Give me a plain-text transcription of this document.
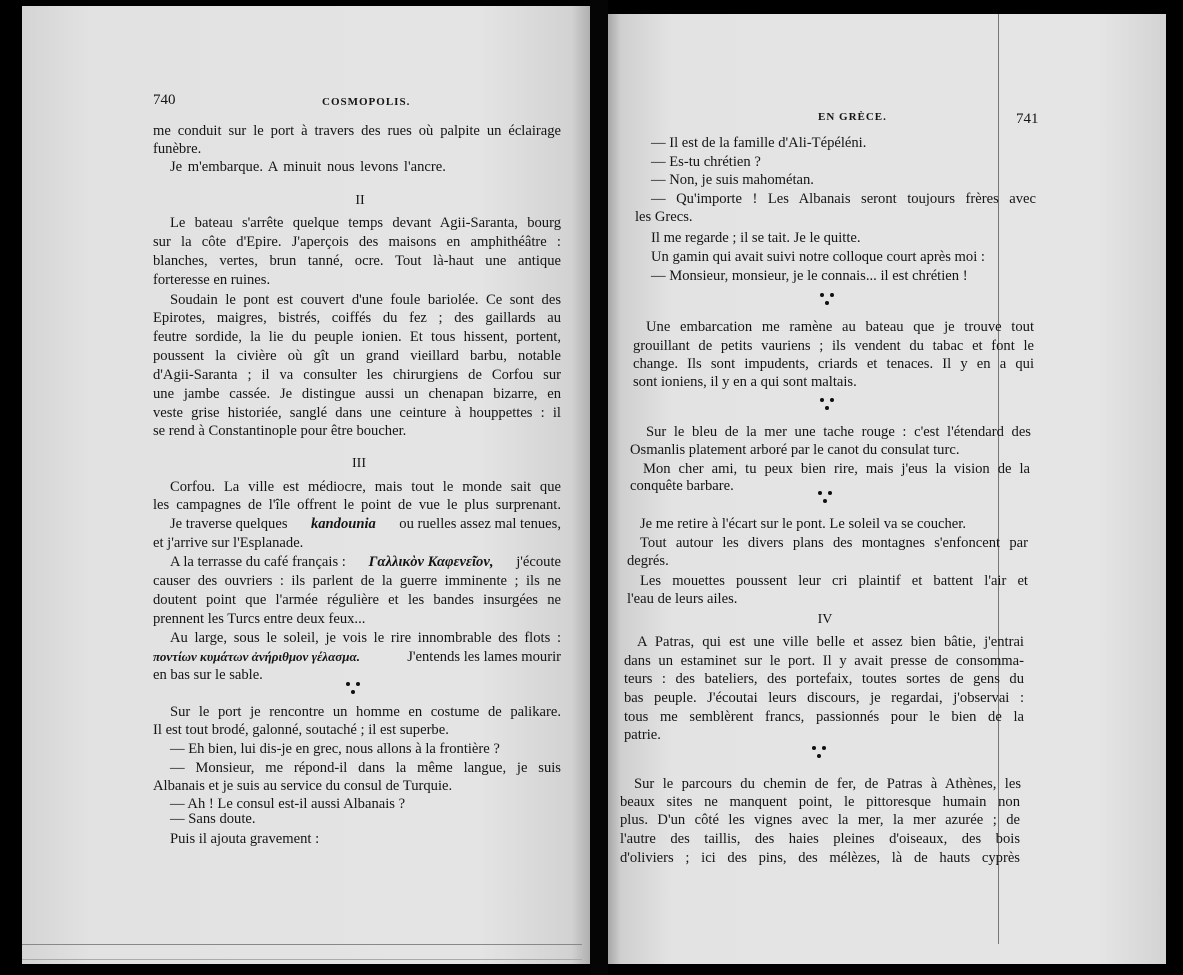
740	COSMOPOLIS.
me conduit sur le port à travers des rues où palpite un éclairage
funèbre.
Je m'embarque. A minuit nous levons l'ancre.
II
Le bateau s'arrête quelque temps devant Agii-Saranta, bourg
sur la côte d'Epire. J'aperçois des maisons en amphithéâtre :
blanches, vertes, brun tanné, ocre. Tout là-haut une antique
forteresse en ruines.
Soudain le pont est couvert d'une foule bariolée. Ce sont des
Epirotes, maigres, bistrés, coiffés du fez ; des gaillards au
feutre sordide, la lie du peuple ionien. Et tous hissent, portent,
poussent la civière où gît un grand vieillard barbu, notable
d'Agii-Saranta ; il va consulter les chirurgiens de Corfou sur
une jambe cassée. Je distingue aussi un chenapan bizarre, en
veste grise historiée, sanglé dans une ceinture à houppettes : il
se rend à Constantinople pour être boucher.
III
Corfou. La ville est médiocre, mais tout le monde sait que
les campagnes de l'île offrent le point de vue le plus surprenant.
Je traverse quelques kandounia ou ruelles assez mal tenues,
et j'arrive sur l'Esplanade.
A la terrasse du café français : Γαλλικὸν Καφενεῖον, j'écoute
causer des ouvriers : ils parlent de la guerre imminente ; ils ne
doutent point que l'armée régulière et les bandes insurgées ne
prennent les Turcs entre deux feux...
Au large, sous le soleil, je vois le rire innombrable des flots :
ποντίων κυμάτων ἀνήριθμον γέλασμα.	J'entends les lames mourir
en bas sur le sable.
Sur le port je rencontre un homme en costume de palikare.
Il est tout brodé, galonné, soutaché ; il est superbe.
— Eh bien, lui dis-je en grec, nous allons à la frontière ?
— Monsieur, me répond-il dans la même langue, je suis
Albanais et je suis au service du consul de Turquie.
— Ah ! Le consul est-il aussi Albanais ?
— Sans doute.
Puis il ajouta gravement :
EN GRÈCE.	741
— Il est de la famille d'Ali-Tépéléni.
— Es-tu chrétien ?
— Non, je suis mahométan.
— Qu'importe ! Les Albanais seront toujours frères avec
les Grecs.
Il me regarde ; il se tait. Je le quitte.
Un gamin qui avait suivi notre colloque court après moi :
— Monsieur, monsieur, je le connais... il est chrétien !
Une embarcation me ramène au bateau que je trouve tout
grouillant de petits vauriens ; ils vendent du tabac et font le
change. Ils sont impudents, criards et tenaces. Il y en a qui
sont ioniens, il y en a qui sont maltais.
Sur le bleu de la mer une tache rouge : c'est l'étendard des
Osmanlis platement arboré par le canot du consulat turc.
Mon cher ami, tu peux bien rire, mais j'eus la vision de la
conquête barbare.
Je me retire à l'écart sur le pont. Le soleil va se coucher.
Tout autour les divers plans des montagnes s'enfoncent par
degrés.
Les mouettes poussent leur cri plaintif et battent l'air et
l'eau de leurs ailes.
IV
A Patras, qui est une ville belle et assez bien bâtie, j'entrai
dans un estaminet sur le port. Il y avait presse de consomma-
teurs : des bateliers, des portefaix, toutes sortes de gens du
bas peuple. J'écoutai leurs discours, je regardai, j'observai :
tous me semblèrent francs, passionnés pour le bien de la
patrie.
Sur le parcours du chemin de fer, de Patras à Athènes, les
beaux sites ne manquent point, le pittoresque humain non
plus. D'un côté les vignes avec la mer, la mer azurée ; de
l'autre des taillis, des haies pleines d'oiseaux, des bois
d'oliviers ; ici des pins, des mélèzes, là de hauts cyprès
